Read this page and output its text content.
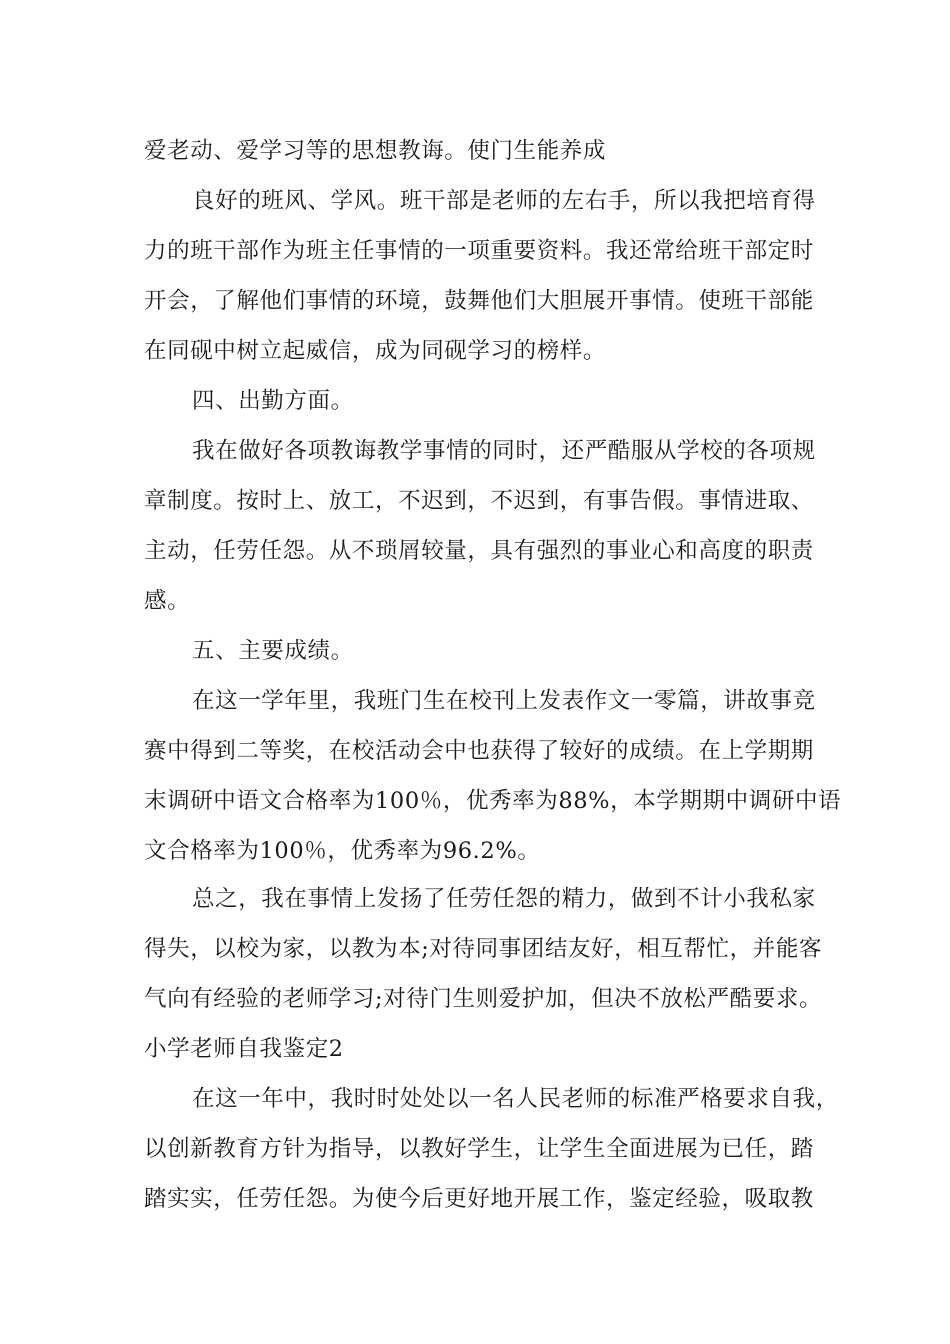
爱老动、爱学习等的思想教诲。使门生能养成
良好的班风、学风。班干部是老师的左右手，所以我把培育得
力的班干部作为班主任事情的一项重要资料。我还常给班干部定时
开会，了解他们事情的环境，鼓舞他们大胆展开事情。使班干部能
在同砚中树立起威信，成为同砚学习的榜样。
四、出勤方面。
我在做好各项教诲教学事情的同时，还严酷服从学校的各项规
章制度。按时上、放工，不迟到，不迟到，有事告假。事情进取、
主动，任劳任怨。从不琐屑较量，具有强烈的事业心和高度的职责
感。
五、主要成绩。
在这一学年里，我班门生在校刊上发表作文一零篇，讲故事竞
赛中得到二等奖，在校活动会中也获得了较好的成绩。在上学期期
末调研中语文合格率为100％，优秀率为88%，本学期期中调研中语
文合格率为100％，优秀率为96.2%。
总之，我在事情上发扬了任劳任怨的精力，做到不计小我私家
得失，以校为家，以教为本;对待同事团结友好，相互帮忙，并能客
气向有经验的老师学习;对待门生则爱护加，但决不放松严酷要求。
小学老师自我鉴定2
在这一年中，我时时处处以一名人民老师的标准严格要求自我，
以创新教育方针为指导，以教好学生，让学生全面进展为已任，踏
踏实实，任劳任怨。为使今后更好地开展工作，鉴定经验，吸取教
